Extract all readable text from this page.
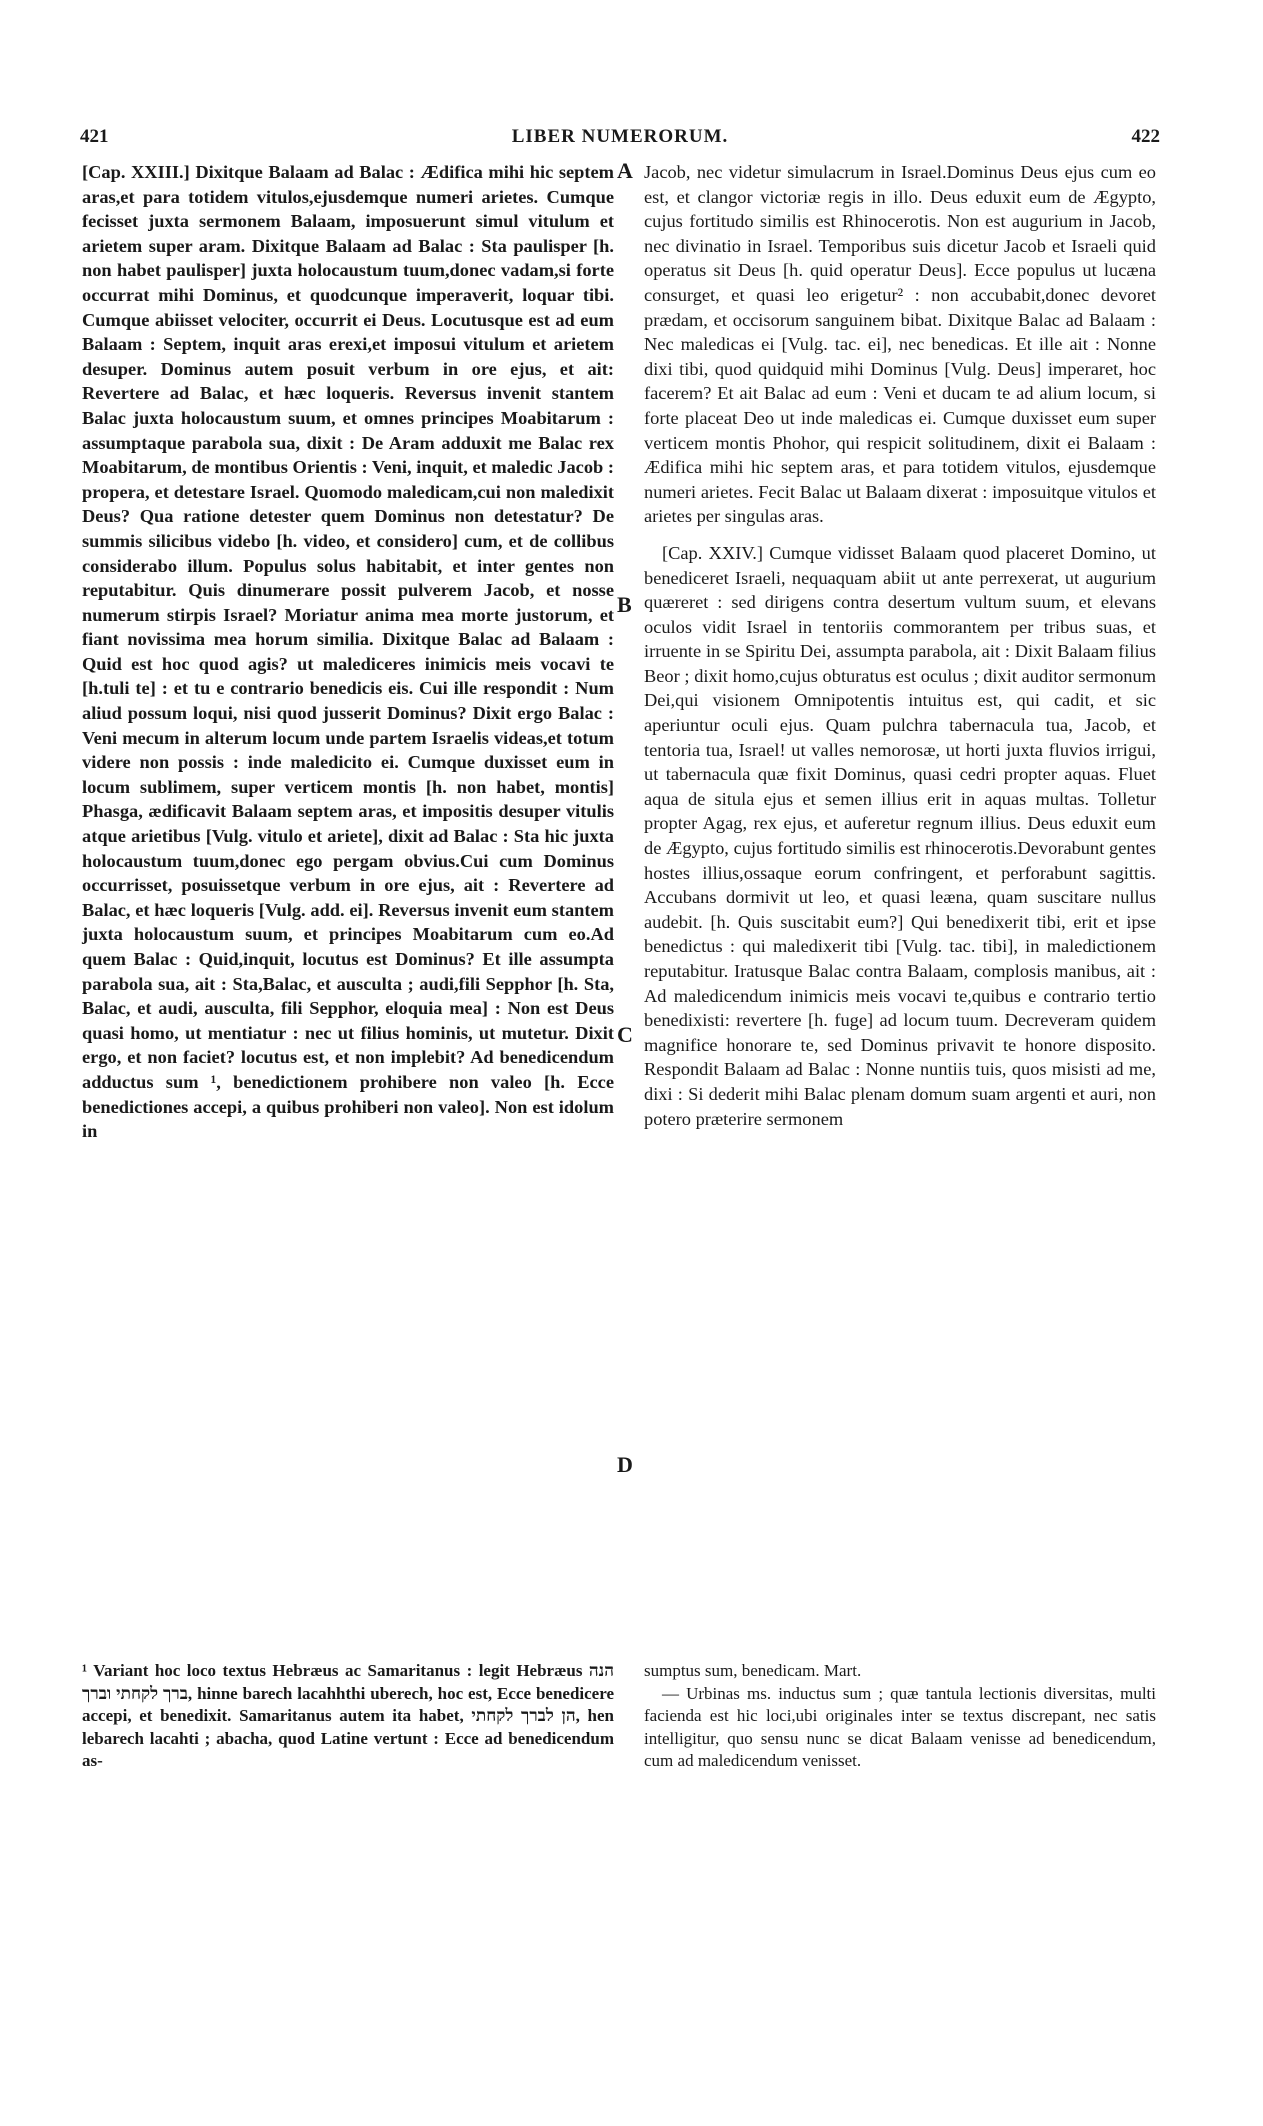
421	LIBER NUMERORUM.	422

[Cap. XXIII.] Dixitque Balaam ad Balac : Ædifica mihi hic septem aras,et para totidem vitulos,ejusdemque numeri arietes. Cumque fecisset juxta sermonem Balaam, imposuerunt simul vitulum et arietem super aram. Dixitque Balaam ad Balac : Sta paulisper [h. non habet paulisper] juxta holocaustum tuum,donec vadam,si forte occurrat mihi Dominus, et quodcunque imperaverit, loquar tibi. Cumque abiisset velociter, occurrit ei Deus. Locutusque est ad eum Balaam : Septem, inquit aras erexi,et imposui vitulum et arietem desuper. Dominus autem posuit verbum in ore ejus, et ait: Revertere ad Balac, et hæc loqueris. Reversus invenit stantem Balac juxta holocaustum suum, et omnes principes Moabitarum : assumptaque parabola sua, dixit : De Aram adduxit me Balac rex Moabitarum, de montibus Orientis : Veni, inquit, et maledic Jacob : propera, et detestare Israel. Quomodo maledicam,cui non maledixit Deus? Qua ratione detester quem Dominus non detestatur? De summis silicibus videbo [h. video, et considero] cum, et de collibus considerabo illum. Populus solus habitabit, et inter gentes non reputabitur. Quis dinumerare possit pulverem Jacob, et nosse numerum stirpis Israel? Moriatur anima mea morte justorum, et fiant novissima mea horum similia. Dixitque Balac ad Balaam : Quid est hoc quod agis? ut malediceres inimicis meis vocavi te [h.tuli te] : et tu e contrario benedicis eis. Cui ille respondit : Num aliud possum loqui, nisi quod jusserit Dominus? Dixit ergo Balac : Veni mecum in alterum locum unde partem Israelis videas,et totum videre non possis : inde maledicito ei. Cumque duxisset eum in locum sublimem, super verticem montis [h. non habet, montis] Phasga, ædificavit Balaam septem aras, et impositis desuper vitulis atque arietibus [Vulg. vitulo et ariete], dixit ad Balac : Sta hic juxta holocaustum tuum,donec ego pergam obvius.Cui cum Dominus occurrisset, posuissetque verbum in ore ejus, ait : Revertere ad Balac, et hæc loqueris [Vulg. add. ei]. Reversus invenit eum stantem juxta holocaustum suum, et principes Moabitarum cum eo.Ad quem Balac : Quid,inquit, locutus est Dominus? Et ille assumpta parabola sua, ait : Sta,Balac, et ausculta ; audi,fili Sepphor [h. Sta, Balac, et audi, ausculta, fili Sepphor, eloquia mea] : Non est Deus quasi homo, ut mentiatur : nec ut filius hominis, ut mutetur. Dixit ergo, et non faciet? locutus est, et non implebit? Ad benedicendum adductus sum ¹, benedictionem prohibere non valeo [h. Ecce benedictiones accepi, a quibus prohiberi non valeo]. Non est idolum in

Jacob, nec videtur simulacrum in Israel.Dominus Deus ejus cum eo est, et clangor victoriæ regis in illo. Deus eduxit eum de Ægypto, cujus fortitudo similis est Rhinocerotis. Non est augurium in Jacob, nec divinatio in Israel. Temporibus suis dicetur Jacob et Israeli quid operatus sit Deus [h. quid operatur Deus]. Ecce populus ut lucæna consurget, et quasi leo erigetur² : non accubabit,donec devoret prædam, et occisorum sanguinem bibat. Dixitque Balac ad Balaam : Nec maledicas ei [Vulg. tac. ei], nec benedicas. Et ille ait : Nonne dixi tibi, quod quidquid mihi Dominus [Vulg. Deus] imperaret, hoc facerem? Et ait Balac ad eum : Veni et ducam te ad alium locum, si forte placeat Deo ut inde maledicas ei. Cumque duxisset eum super verticem montis Phohor, qui respicit solitudinem, dixit ei Balaam : Ædifica mihi hic septem aras, et para totidem vitulos, ejusdemque numeri arietes. Fecit Balac ut Balaam dixerat : imposuitque vitulos et arietes per singulas aras.

[Cap. XXIV.] Cumque vidisset Balaam quod placeret Domino, ut benediceret Israeli, nequaquam abiit ut ante perrexerat, ut augurium quæreret : sed dirigens contra desertum vultum suum, et elevans oculos vidit Israel in tentoriis commorantem per tribus suas, et irruente in se Spiritu Dei, assumpta parabola, ait : Dixit Balaam filius Beor ; dixit homo,cujus obturatus est oculus ; dixit auditor sermonum Dei,qui visionem Omnipotentis intuitus est, qui cadit, et sic aperiuntur oculi ejus. Quam pulchra tabernacula tua, Jacob, et tentoria tua, Israel! ut valles nemorosæ, ut horti juxta fluvios irrigui, ut tabernacula quæ fixit Dominus, quasi cedri propter aquas. Fluet aqua de situla ejus et semen illius erit in aquas multas. Tolletur propter Agag, rex ejus, et auferetur regnum illius. Deus eduxit eum de Ægypto, cujus fortitudo similis est rhinocerotis.Devorabunt gentes hostes illius,ossaque eorum confringent, et perforabunt sagittis. Accubans dormivit ut leo, et quasi leæna, quam suscitare nullus audebit. [h. Quis suscitabit eum?] Qui benedixerit tibi, erit et ipse benedictus : qui maledixerit tibi [Vulg. tac. tibi], in maledictionem reputabitur. Iratusque Balac contra Balaam, complosis manibus, ait : Ad maledicendum inimicis meis vocavi te,quibus e contrario tertio benedixisti: revertere [h. fuge] ad locum tuum. Decreveram quidem magnifice honorare te, sed Dominus privavit te honore disposito. Respondit Balaam ad Balac : Nonne nuntiis tuis, quos misisti ad me, dixi : Si dederit mihi Balac plenam domum suam argenti et auri, non potero præterire sermonem

A
B
C
D

¹ Variant hoc loco textus Hebræus ac Samaritanus : legit Hebræus הנה ברך לקחתי וברך, hinne barech lacahhthi uberech, hoc est, Ecce benedicere accepi, et benedixit. Samaritanus autem ita habet, הן לברך לקחתי, hen lebarech lacahti ; abacha, quod Latine vertunt : Ecce ad benedicendum as-

sumptus sum, benedicam. Mart.

— Urbinas ms. inductus sum ; quæ tantula lectionis diversitas, multi facienda est hic loci,ubi originales inter se textus discrepant, nec satis intelligitur, quo sensu nunc se dicat Balaam venisse ad benedicendum, cum ad maledicendum venisset.
